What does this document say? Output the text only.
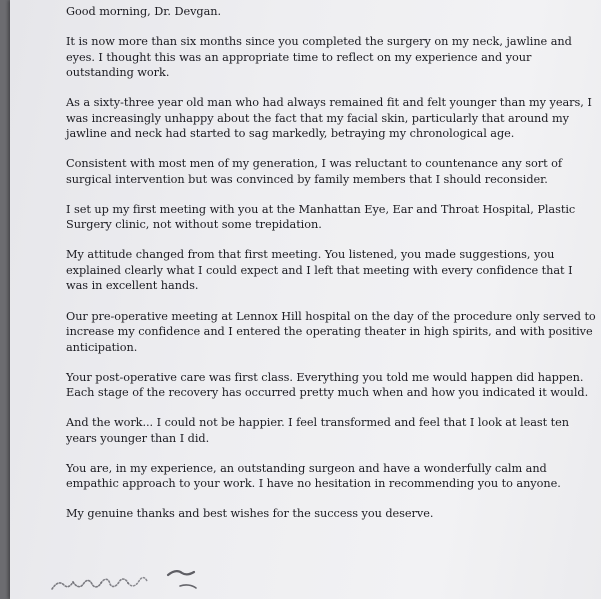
Good morning, Dr. Devgan.

It is now more than six months since you completed the surgery on my neck, jawline and eyes. I thought this was an appropriate time to reflect on my experience and your outstanding work.

As a sixty-three year old man who had always remained fit and felt younger than my years, I was increasingly unhappy about the fact that my facial skin, particularly that around my jawline and neck had started to sag markedly, betraying my chronological age.

Consistent with most men of my generation, I was reluctant to countenance any sort of surgical intervention but was convinced by family members that I should reconsider.

I set up my first meeting with you at the Manhattan Eye, Ear and Throat Hospital, Plastic Surgery clinic, not without some trepidation.

My attitude changed from that first meeting. You listened, you made suggestions, you explained clearly what I could expect and I left that meeting with every confidence that I was in excellent hands.

Our pre-operative meeting at Lennox Hill hospital on the day of the procedure only served to increase my confidence and I entered the operating theater in high spirits, and with positive anticipation.

Your post-operative care was first class. Everything you told me would happen did happen. Each stage of the recovery has occurred pretty much when and how you indicated it would.

And the work... I could not be happier. I feel transformed and feel that I look at least ten years younger than I did.

You are, in my experience, an outstanding surgeon and have a wonderfully calm and empathic approach to your work. I have no hesitation in recommending you to anyone.

My genuine thanks and best wishes for the success you deserve.
